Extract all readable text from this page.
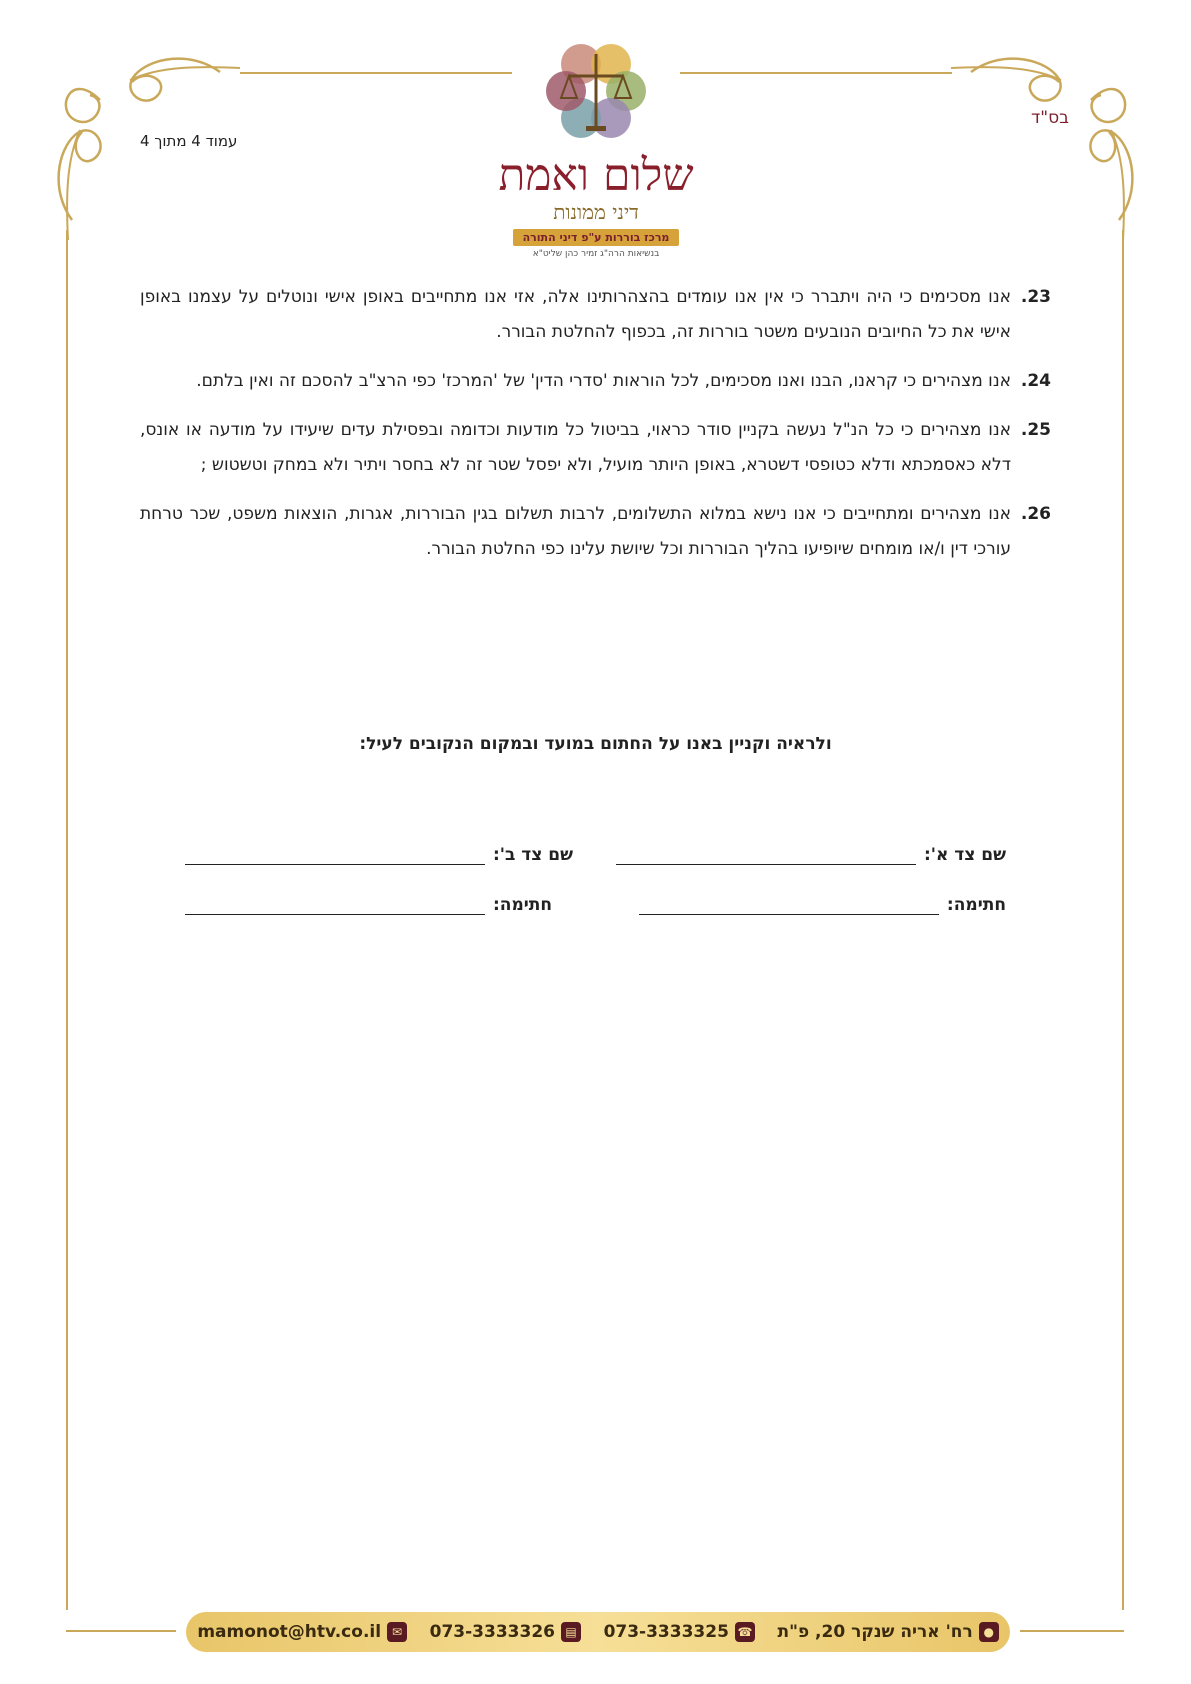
עמוד 4 מתוך 4
בס"ד
שלום ואמת
דיני ממונות
מרכז בוררות ע"פ דיני התורה
בנשיאות הרה"ג זמיר כהן שליט"א
23.
אנו מסכימים כי היה ויתברר כי אין אנו עומדים בהצהרותינו אלה, אזי אנו מתחייבים באופן אישי ונוטלים על עצמנו באופן אישי את כל החיובים הנובעים משטר בוררות זה, בכפוף להחלטת הבורר.
24.
אנו מצהירים כי קראנו, הבנו ואנו מסכימים, לכל הוראות 'סדרי הדין' של 'המרכז' כפי הרצ"ב להסכם זה ואין בלתם.
25.
אנו מצהירים כי כל הנ"ל נעשה בקניין סודר כראוי, בביטול כל מודעות וכדומה ובפסילת עדים שיעידו על מודעה או אונס, דלא כאסמכתא ודלא כטופסי דשטרא, באופן היותר מועיל, ולא יפסל שטר זה לא בחסר ויתיר ולא במחק וטשטוש ;
26.
אנו מצהירים ומתחייבים כי אנו נישא במלוא התשלומים, לרבות תשלום בגין הבוררות, אגרות, הוצאות משפט, שכר טרחת עורכי דין ו/או מומחים שיופיעו בהליך הבוררות וכל שיושת עלינו כפי החלטת הבורר.
ולראיה וקניין באנו על החתום במועד ובמקום הנקובים לעיל:
שם צד א':
שם צד ב':
חתימה:
חתימה:
●
רח' אריה שנקר 20, פ"ת
☎
073-3333325
▤
073-3333326
✉
mamonot@htv.co.il
